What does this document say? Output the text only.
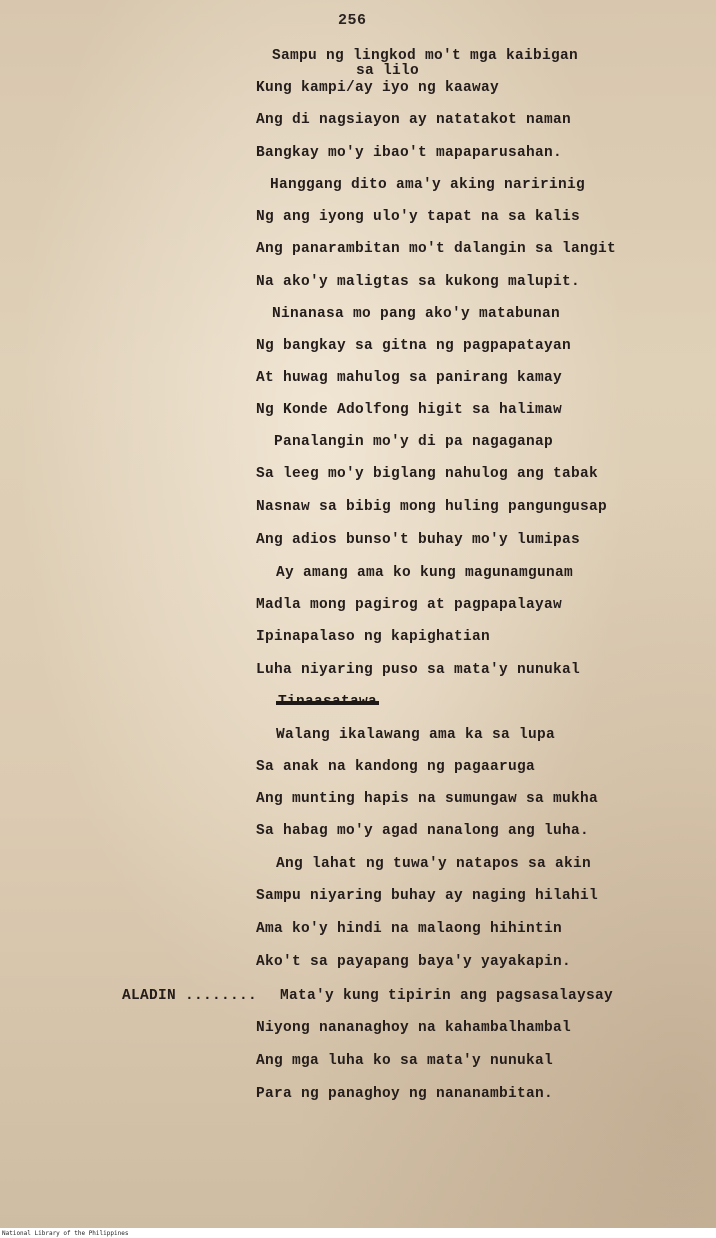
256
Sampu ng lingkod mo't mga kaibigan
sa lilo
Kung kampi/ay iyo ng kaaway
Ang di nagsiayon ay natatakot naman
Bangkay mo'y ibao't mapaparusahan.
Hanggang dito ama'y aking naririnig
Ng ang iyong ulo'y tapat na sa kalis
Ang panarambitan mo't dalangin sa langit
Na ako'y maligtas sa kukong malupit.
Ninanasa mo pang ako'y matabunan
Ng bangkay sa gitna ng pagpapatayan
At huwag mahulog sa panirang kamay
Ng Konde Adolfong higit sa halimaw
Panalangin mo'y di pa nagaganap
Sa leeg mo'y biglang nahulog ang tabak
Nasnaw sa bibig mong huling pangungusap
Ang adios bunso't buhay mo'y lumipas
Ay amang ama ko kung magunamgunam
Madla mong pagirog at pagpapalayaw
Ipinapalaso ng kapighatian
Luha niyaring puso sa mata'y nunukal
Walang ikalawang ama ka sa lupa
Sa anak na kandong ng pagaaruga
Ang munting hapis na sumungaw sa mukha
Sa habag mo'y agad nanalong ang luha.
Ang lahat ng tuwa'y natapos sa akin
Sampu niyaring buhay ay naging hilahil
Ama ko'y hindi na malaong hihintin
Ako't sa payapang baya'y yayakapin.
ALADIN ........ Mata'y kung tipirin ang pagsasalaysay
Niyong nananaghoy na kahambalhambal
Ang mga luha ko sa mata'y nunukal
Para ng panaghoy ng nananambitan.
National Library of the Philippines
